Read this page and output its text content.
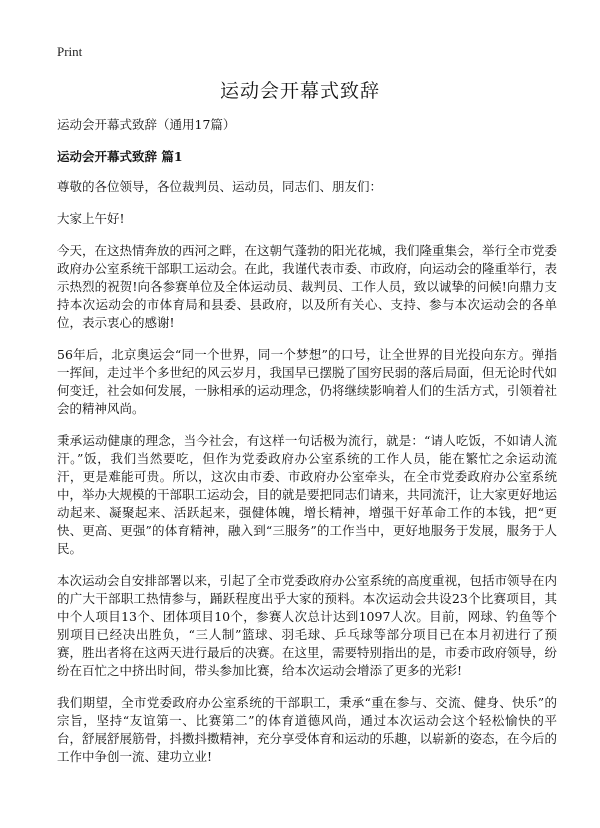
Print
运动会开幕式致辞
运动会开幕式致辞（通用17篇）
运动会开幕式致辞 篇1

尊敬的各位领导，各位裁判员、运动员，同志们、朋友们：

大家上午好!

今天，在这热情奔放的西河之畔，在这朝气蓬勃的阳光花城，我们隆重集会，举行全市党委政府办公室系统干部职工运动会。在此，我谨代表市委、市政府，向运动会的隆重举行，表示热烈的祝贺!向各参赛单位及全体运动员、裁判员、工作人员，致以诚挚的问候!向鼎力支持本次运动会的市体育局和县委、县政府，以及所有关心、支持、参与本次运动会的各单位，表示衷心的感谢!

56年后，北京奥运会“同一个世界，同一个梦想”的口号，让全世界的目光投向东方。弹指一挥间，走过半个多世纪的风云岁月，我国早已摆脱了国穷民弱的落后局面，但无论时代如何变迁，社会如何发展，一脉相承的运动理念，仍将继续影响着人们的生活方式，引领着社会的精神风尚。

秉承运动健康的理念，当今社会，有这样一句话极为流行，就是：“请人吃饭，不如请人流汗。”饭，我们当然要吃，但作为党委政府办公室系统的工作人员，能在繁忙之余运动流汗，更是难能可贵。所以，这次由市委、市政府办公室牵头，在全市党委政府办公室系统中，举办大规模的干部职工运动会，目的就是要把同志们请来，共同流汗，让大家更好地运动起来、凝聚起来、活跃起来，强健体魄，增长精神，增强干好革命工作的本钱，把“更快、更高、更强”的体育精神，融入到“三服务”的工作当中，更好地服务于发展，服务于人民。

本次运动会自安排部署以来，引起了全市党委政府办公室系统的高度重视，包括市领导在内的广大干部职工热情参与，踊跃程度出乎大家的预料。本次运动会共设23个比赛项目，其中个人项目13个、团体项目10个，参赛人次总计达到1097人次。目前，网球、钓鱼等个别项目已经决出胜负，“三人制”篮球、羽毛球、乒乓球等部分项目已在本月初进行了预赛，胜出者将在这两天进行最后的决赛。在这里，需要特别指出的是，市委市政府领导，纷纷在百忙之中挤出时间，带头参加比赛，给本次运动会增添了更多的光彩!

我们期望，全市党委政府办公室系统的干部职工，秉承“重在参与、交流、健身、快乐”的宗旨，坚持“友谊第一、比赛第二”的体育道德风尚，通过本次运动会这个轻松愉快的平台，舒展舒展筋骨，抖擞抖擞精神，充分享受体育和运动的乐趣，以崭新的姿态，在今后的工作中争创一流、建功立业!
